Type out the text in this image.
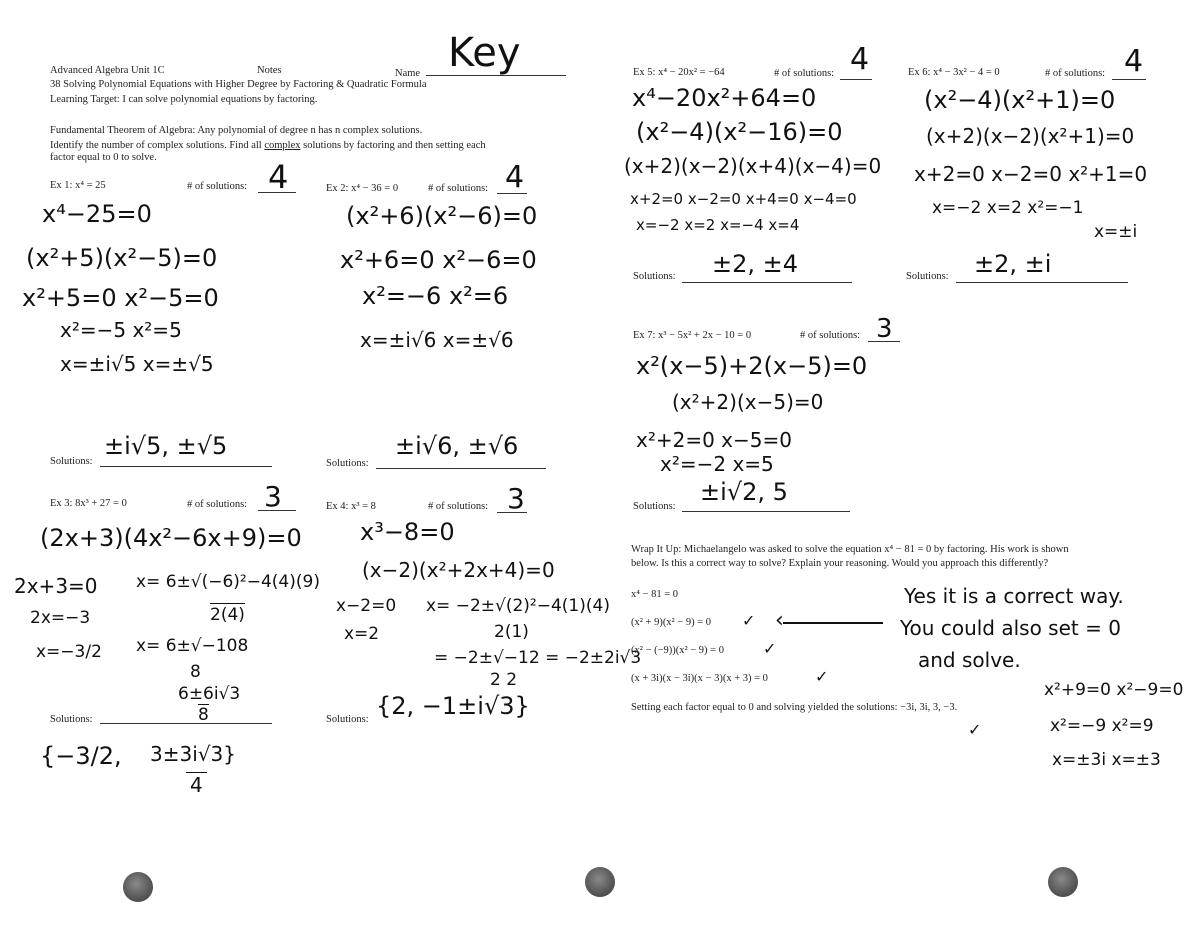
Advanced Algebra Unit 1C	Notes	Name Key
38 Solving Polynomial Equations with Higher Degree by Factoring & Quadratic Formula
Learning Target: I can solve polynomial equations by factoring.
Fundamental Theorem of Algebra: Any polynomial of degree n has n complex solutions.
Identify the number of complex solutions. Find all complex solutions by factoring and then setting each
factor equal to 0 to solve.
Ex 1: x⁴ = 25	# of solutions: 4
x⁴−25=0
(x²+5)(x²−5)=0
x²+5=0 x²−5=0
x²=−5 x²=5
x=±i√5 x=±√5
Solutions:
±i√5, ±√5
Ex 2: x⁴ − 36 = 0	# of solutions: 4
(x²+6)(x²−6)=0
x²+6=0 x²−6=0
x²=−6 x²=6
x=±i√6 x=±√6
Solutions:
±i√6, ±√6
Ex 3: 8x³ + 27 = 0	# of solutions: 3
(2x+3)(4x²−6x+9)=0
2x+3=0
2x=−3
x=−3/2
x= 6±√(−6)²−4(4)(9)
2(4)
x= 6±√−108
8
6±6i√3
8
Solutions:
{−3/2, 3±3i√3}
4
Ex 4: x³ = 8	# of solutions: 3
x³−8=0
(x−2)(x²+2x+4)=0
x−2=0
x=2
x= −2±√(2)²−4(1)(4)
2(1)
= −2±√−12 = −2±2i√3
2 2
Solutions: {2, −1±i√3}
Ex 5: x⁴ − 20x² = −64	# of solutions: 4
x⁴−20x²+64=0
(x²−4)(x²−16)=0
(x+2)(x−2)(x+4)(x−4)=0
x+2=0 x−2=0 x+4=0 x−4=0
x=−2 x=2 x=−4 x=4
Solutions: ±2, ±4
Ex 6: x⁴ − 3x² − 4 = 0	# of solutions: 4
(x²−4)(x²+1)=0
(x+2)(x−2)(x²+1)=0
x+2=0 x−2=0 x²+1=0
x=−2 x=2 x²=−1
x=±i
Solutions: ±2, ±i
Ex 7: x³ − 5x² + 2x − 10 = 0	# of solutions: 3
x²(x−5)+2(x−5)=0
(x²+2)(x−5)=0
x²+2=0 x−5=0
x²=−2 x=5
Solutions:
±i√2, 5
Wrap It Up: Michaelangelo was asked to solve the equation x⁴ − 81 = 0 by factoring. His work is shown
below. Is this a correct way to solve? Explain your reasoning. Would you approach this differently?
x⁴ − 81 = 0
(x² + 9)(x² − 9) = 0 ✓
(x² − (−9))(x² − 9) = 0 ✓
(x + 3i)(x − 3i)(x − 3)(x + 3) = 0	✓
Setting each factor equal to 0 and solving yielded the solutions: −3i, 3i, 3, −3.
✓
‹
Yes it is a correct way.
You could also set = 0
and solve.
x²+9=0 x²−9=0
x²=−9 x²=9
x=±3i x=±3
